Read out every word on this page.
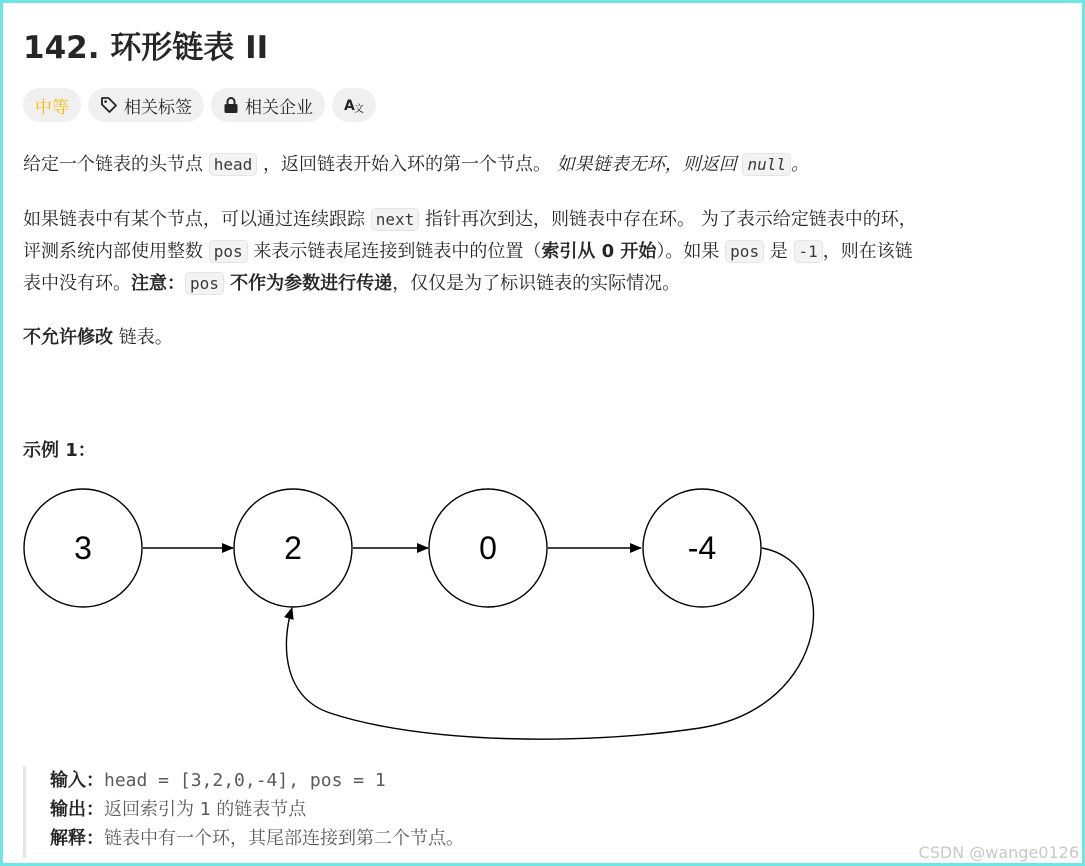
142. 环形链表 II
中等	相关标签	相关企业 A 文
给定一个链表的头节点 head ，返回链表开始入环的第一个节点。 如果链表无环，则返回 null 。
如果链表中有某个节点，可以通过连续跟踪 next 指针再次到达，则链表中存在环。 为了表示给定链表中的环，
评测系统内部使用整数 pos 来表示链表尾连接到链表中的位置（索引从 0 开始）。如果 pos 是 -1 ，则在该链
表中没有环。注意： pos 不作为参数进行传递，仅仅是为了标识链表的实际情况。
不允许修改 链表。
示例 1：
3	2	0	-4
输入：head = [3,2,0,-4], pos = 1
输出：返回索引为 1 的链表节点
解释：链表中有一个环，其尾部连接到第二个节点。
CSDN @wange0126
